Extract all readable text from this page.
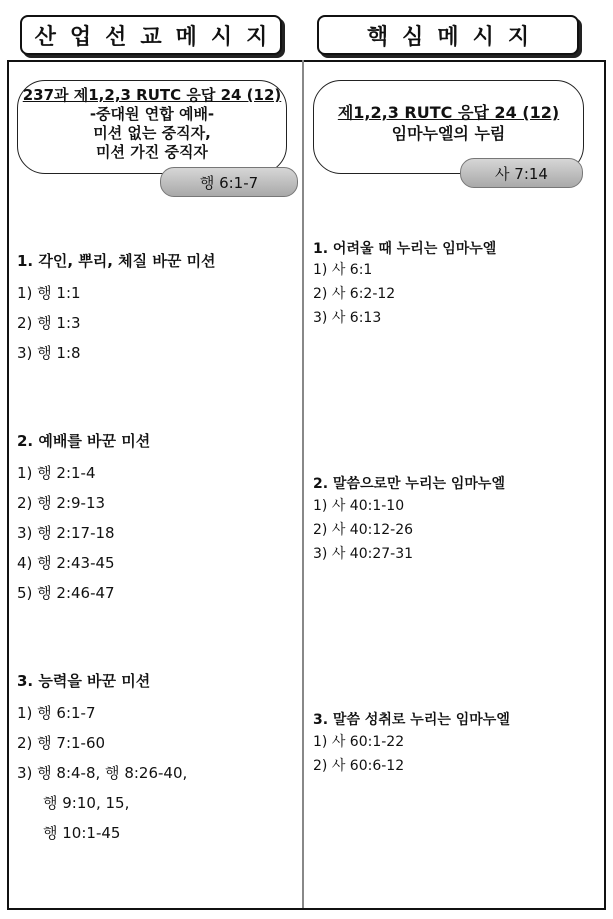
산업선교메시지	핵심메시지
237과 제1,2,3 RUTC 응답 24 (12)
-중대원 연합 예배-
미션 없는 중직자,
미션 가진 중직자
행 6:1-7
1. 각인, 뿌리, 체질 바꾼 미션
1) 행 1:1
2) 행 1:3
3) 행 1:8
2. 예배를 바꾼 미션
1) 행 2:1-4
2) 행 2:9-13
3) 행 2:17-18
4) 행 2:43-45
5) 행 2:46-47
3. 능력을 바꾼 미션
1) 행 6:1-7
2) 행 7:1-60
3) 행 8:4-8, 행 8:26-40,
행 9:10, 15,
행 10:1-45
제1,2,3 RUTC 응답 24 (12)
임마누엘의 누림
사 7:14
1. 어려울 때 누리는 임마누엘
1) 사 6:1
2) 사 6:2-12
3) 사 6:13
2. 말씀으로만 누리는 임마누엘
1) 사 40:1-10
2) 사 40:12-26
3) 사 40:27-31
3. 말씀 성취로 누리는 임마누엘
1) 사 60:1-22
2) 사 60:6-12
